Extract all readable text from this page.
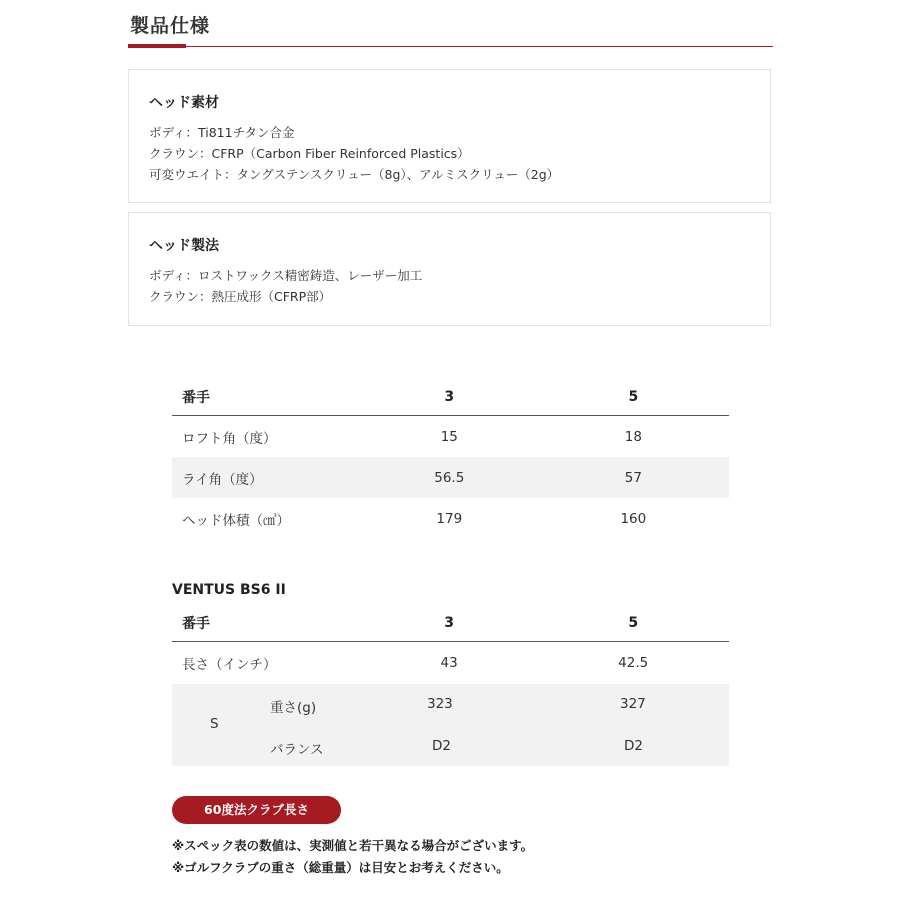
製品仕様
ヘッド素材
ボディ：Ti811チタン合金
クラウン：CFRP（Carbon Fiber Reinforced Plastics）
可変ウエイト：タングステンスクリュー（8g）、アルミスクリュー（2g）
ヘッド製法
ボディ：ロストワックス精密鋳造、レーザー加工
クラウン：熱圧成形（CFRP部）
番手	3	5
ロフト角（度）	15	18
ライ角（度）	56.5	57
ヘッド体積（㎤）	179	160
VENTUS BS6 II
番手	3	5
長さ（インチ）	43	42.5
S
重さ(g)	323	327
バランス	D2	D2
60度法クラブ長さ
※スペック表の数値は、実測値と若干異なる場合がございます。
※ゴルフクラブの重さ（総重量）は目安とお考えください。
